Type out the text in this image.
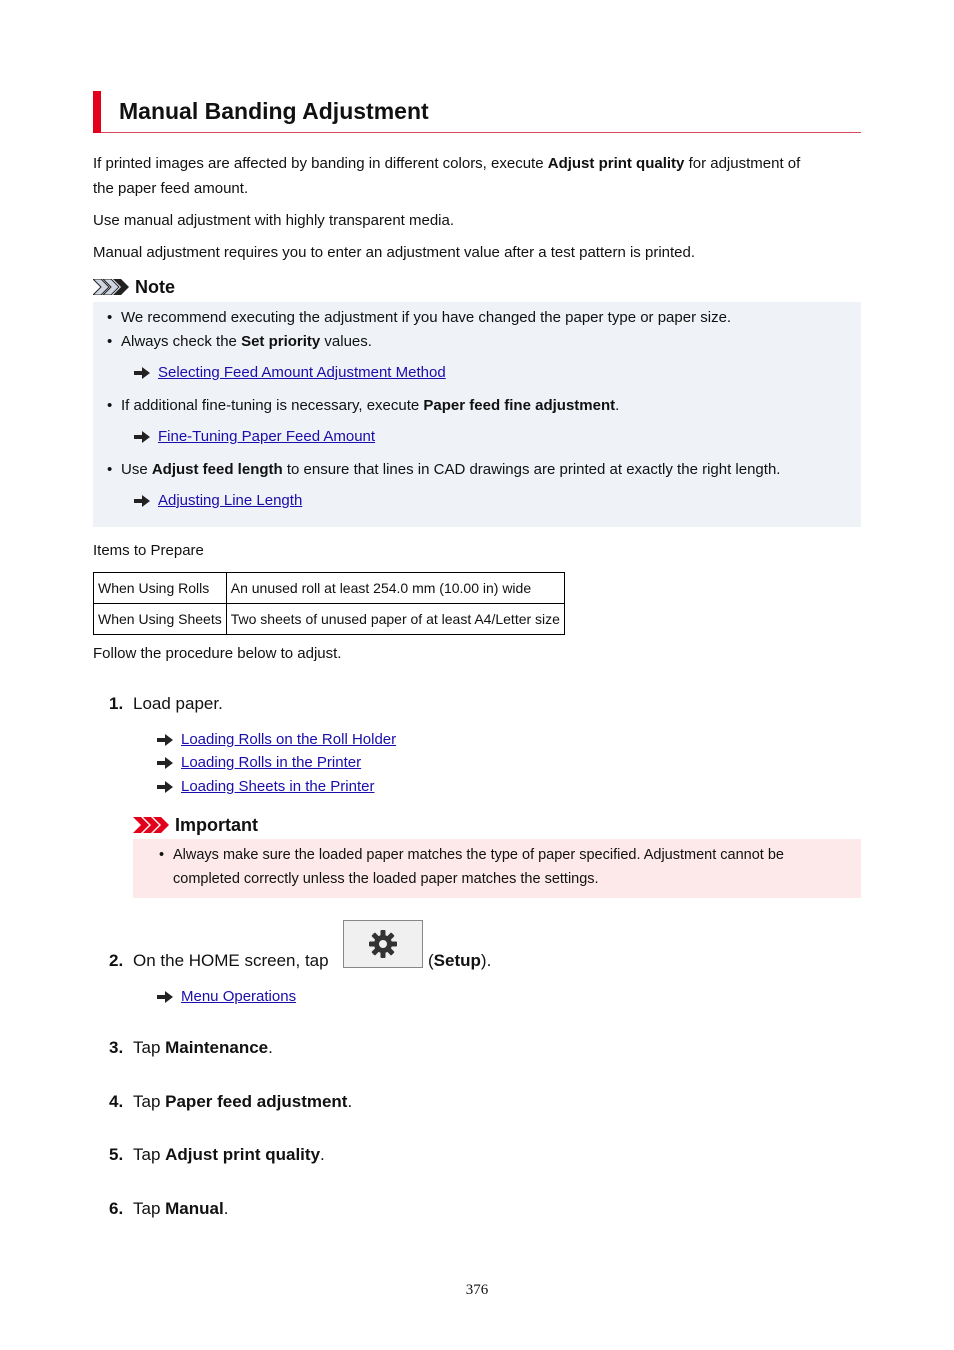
Manual Banding Adjustment
If printed images are affected by banding in different colors, execute Adjust print quality for adjustment of
the paper feed amount.
Use manual adjustment with highly transparent media.
Manual adjustment requires you to enter an adjustment value after a test pattern is printed.
Note
• We recommend executing the adjustment if you have changed the paper type or paper size.
• Always check the Set priority values.
Selecting Feed Amount Adjustment Method
• If additional fine-tuning is necessary, execute Paper feed fine adjustment.
Fine-Tuning Paper Feed Amount
• Use Adjust feed length to ensure that lines in CAD drawings are printed at exactly the right length.
Adjusting Line Length
Items to Prepare
When Using Rolls	An unused roll at least 254.0 mm (10.00 in) wide
When Using Sheets	Two sheets of unused paper of at least A4/Letter size
Follow the procedure below to adjust.
1. Load paper.
Loading Rolls on the Roll Holder
Loading Rolls in the Printer
Loading Sheets in the Printer
Important
• Always make sure the loaded paper matches the type of paper specified. Adjustment cannot be
completed correctly unless the loaded paper matches the settings.
2. On the HOME screen, tap	( Setup ).
Menu Operations
3. Tap Maintenance.
4. Tap Paper feed adjustment.
5. Tap Adjust print quality.
6. Tap Manual.
376
